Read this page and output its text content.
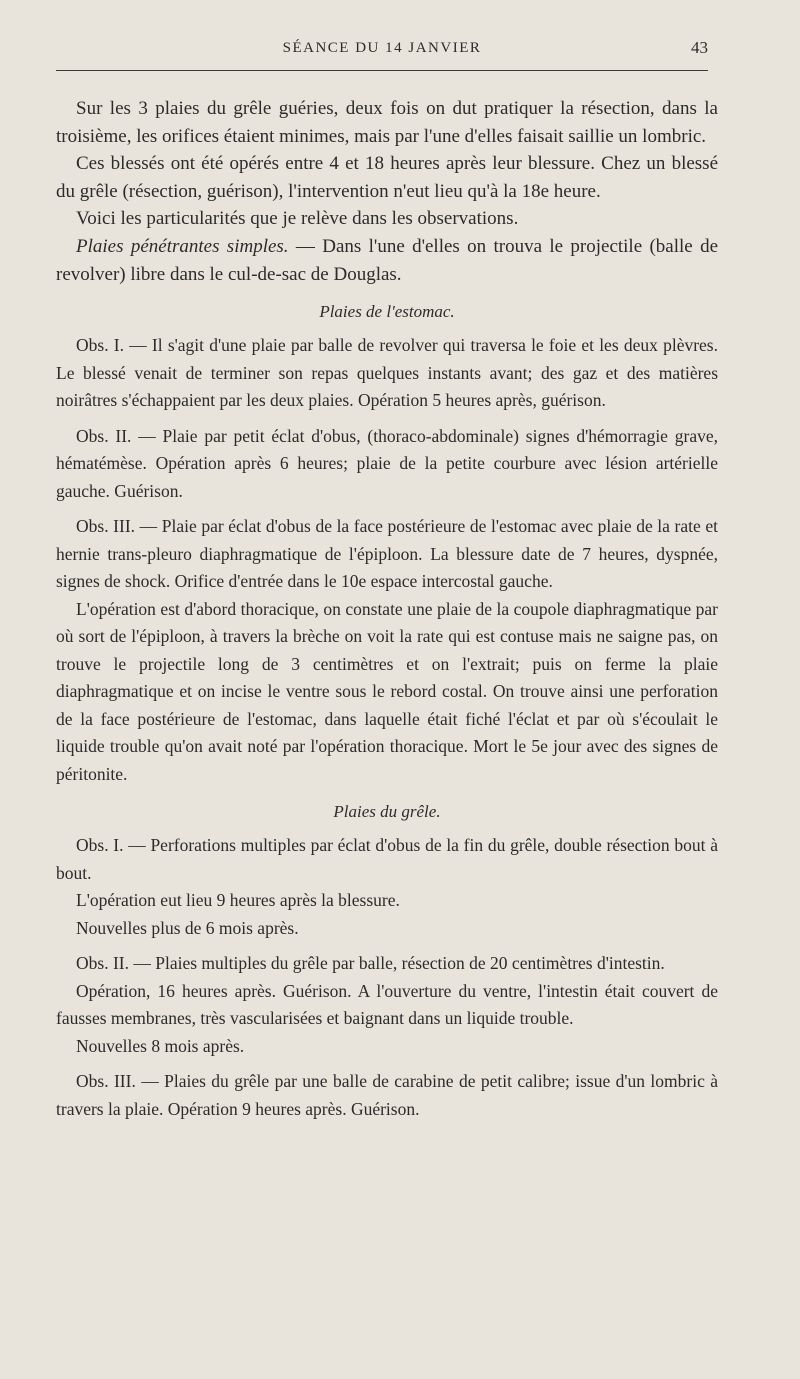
SÉANCE DU 14 JANVIER	43

Sur les 3 plaies du grêle guéries, deux fois on dut pratiquer la résection, dans la troisième, les orifices étaient minimes, mais par l'une d'elles faisait saillie un lombric.

Ces blessés ont été opérés entre 4 et 18 heures après leur blessure. Chez un blessé du grêle (résection, guérison), l'intervention n'eut lieu qu'à la 18e heure.

Voici les particularités que je relève dans les observations.

Plaies pénétrantes simples. — Dans l'une d'elles on trouva le projectile (balle de revolver) libre dans le cul-de-sac de Douglas.

Plaies de l'estomac.

Obs. I. — Il s'agit d'une plaie par balle de revolver qui traversa le foie et les deux plèvres. Le blessé venait de terminer son repas quelques instants avant; des gaz et des matières noirâtres s'échappaient par les deux plaies. Opération 5 heures après, guérison.

Obs. II. — Plaie par petit éclat d'obus, (thoraco-abdominale) signes d'hémorragie grave, hématémèse. Opération après 6 heures; plaie de la petite courbure avec lésion artérielle gauche. Guérison.

Obs. III. — Plaie par éclat d'obus de la face postérieure de l'estomac avec plaie de la rate et hernie trans-pleuro diaphragmatique de l'épiploon. La blessure date de 7 heures, dyspnée, signes de shock. Orifice d'entrée dans le 10e espace intercostal gauche.

L'opération est d'abord thoracique, on constate une plaie de la coupole diaphragmatique par où sort de l'épiploon, à travers la brèche on voit la rate qui est contuse mais ne saigne pas, on trouve le projectile long de 3 centimètres et on l'extrait; puis on ferme la plaie diaphragmatique et on incise le ventre sous le rebord costal. On trouve ainsi une perforation de la face postérieure de l'estomac, dans laquelle était fiché l'éclat et par où s'écoulait le liquide trouble qu'on avait noté par l'opération thoracique. Mort le 5e jour avec des signes de péritonite.

Plaies du grêle.

Obs. I. — Perforations multiples par éclat d'obus de la fin du grêle, double résection bout à bout.

L'opération eut lieu 9 heures après la blessure.

Nouvelles plus de 6 mois après.

Obs. II. — Plaies multiples du grêle par balle, résection de 20 centimètres d'intestin.

Opération, 16 heures après. Guérison. A l'ouverture du ventre, l'intestin était couvert de fausses membranes, très vascularisées et baignant dans un liquide trouble.

Nouvelles 8 mois après.

Obs. III. — Plaies du grêle par une balle de carabine de petit calibre; issue d'un lombric à travers la plaie. Opération 9 heures après. Guérison.
